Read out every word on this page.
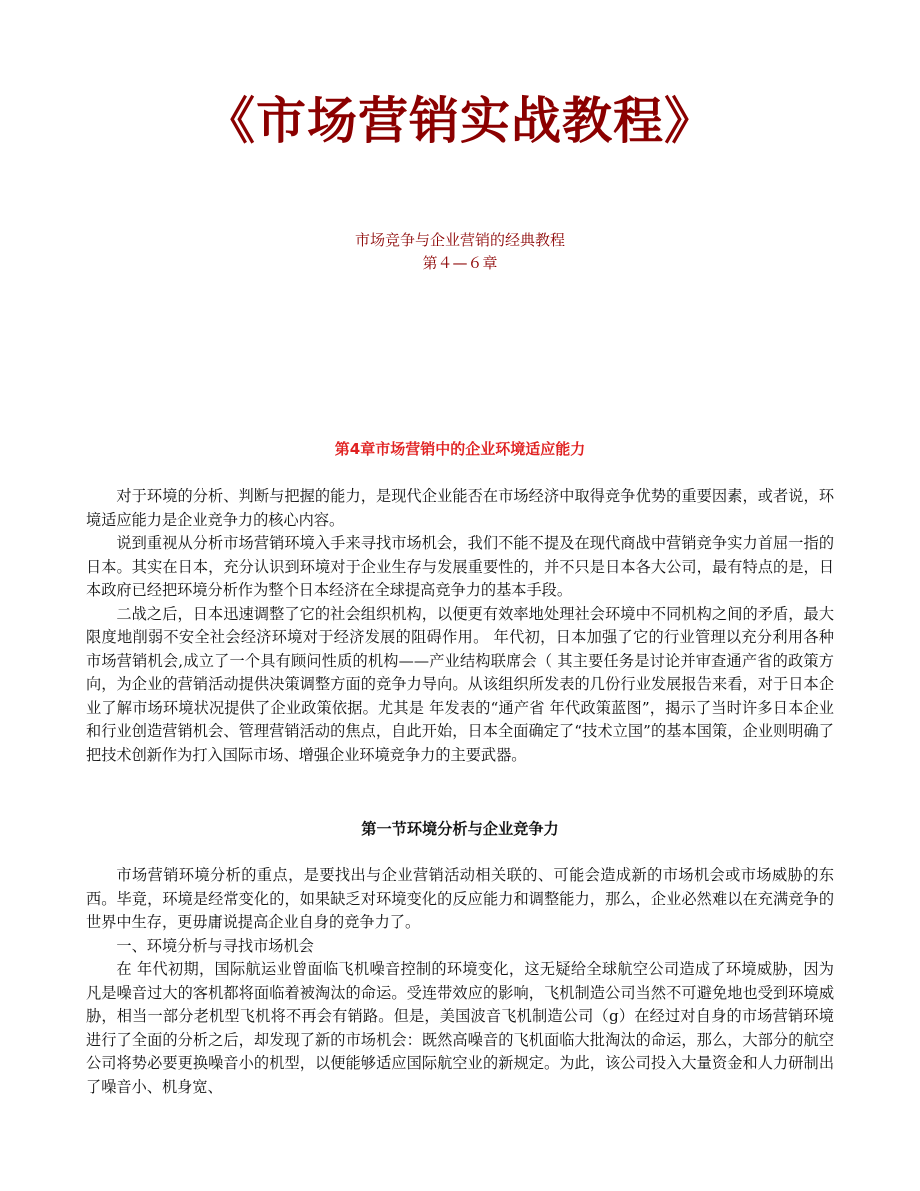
《市场营销实战教程》
市场竞争与企业营销的经典教程
第４—６章
第4章市场营销中的企业环境适应能力

对于环境的分析、判断与把握的能力，是现代企业能否在市场经济中取得竞争优势的重要因素，或者说，环境适应能力是企业竞争力的核心内容。

说到重视从分析市场营销环境入手来寻找市场机会，我们不能不提及在现代商战中营销竞争实力首屈一指的日本。其实在日本，充分认识到环境对于企业生存与发展重要性的，并不只是日本各大公司，最有特点的是，日本政府已经把环境分析作为整个日本经济在全球提高竞争力的基本手段。

二战之后，日本迅速调整了它的社会组织机构，以便更有效率地处理社会环境中不同机构之间的矛盾，最大限度地削弱不安全社会经济环境对于经济发展的阻碍作用。 年代初，日本加强了它的行业管理以充分利用各种市场营销机会,成立了一个具有顾问性质的机构——产业结构联席会（ 其主要任务是讨论并审查通产省的政策方向，为企业的营销活动提供决策调整方面的竞争力导向。从该组织所发表的几份行业发展报告来看，对于日本企业了解市场环境状况提供了企业政策依据。尤其是 年发表的“通产省 年代政策蓝图”，揭示了当时许多日本企业和行业创造营销机会、管理营销活动的焦点，自此开始，日本全面确定了“技术立国”的基本国策，企业则明确了把技术创新作为打入国际市场、增强企业环境竞争力的主要武器。

第一节环境分析与企业竞争力

市场营销环境分析的重点，是要找出与企业营销活动相关联的、可能会造成新的市场机会或市场威胁的东西。毕竟，环境是经常变化的，如果缺乏对环境变化的反应能力和调整能力，那么，企业必然难以在充满竞争的世界中生存，更毋庸说提高企业自身的竞争力了。

一、环境分析与寻找市场机会

在 年代初期，国际航运业曾面临飞机噪音控制的环境变化，这无疑给全球航空公司造成了环境威胁，因为凡是噪音过大的客机都将面临着被淘汰的命运。受连带效应的影响，飞机制造公司当然不可避免地也受到环境威胁，相当一部分老机型飞机将不再会有销路。但是，美国波音飞机制造公司（g）在经过对自身的市场营销环境进行了全面的分析之后，却发现了新的市场机会：既然高噪音的飞机面临大批淘汰的命运，那么，大部分的航空公司将势必要更换噪音小的机型，以便能够适应国际航空业的新规定。为此，该公司投入大量资金和人力研制出了噪音小、机身宽、
